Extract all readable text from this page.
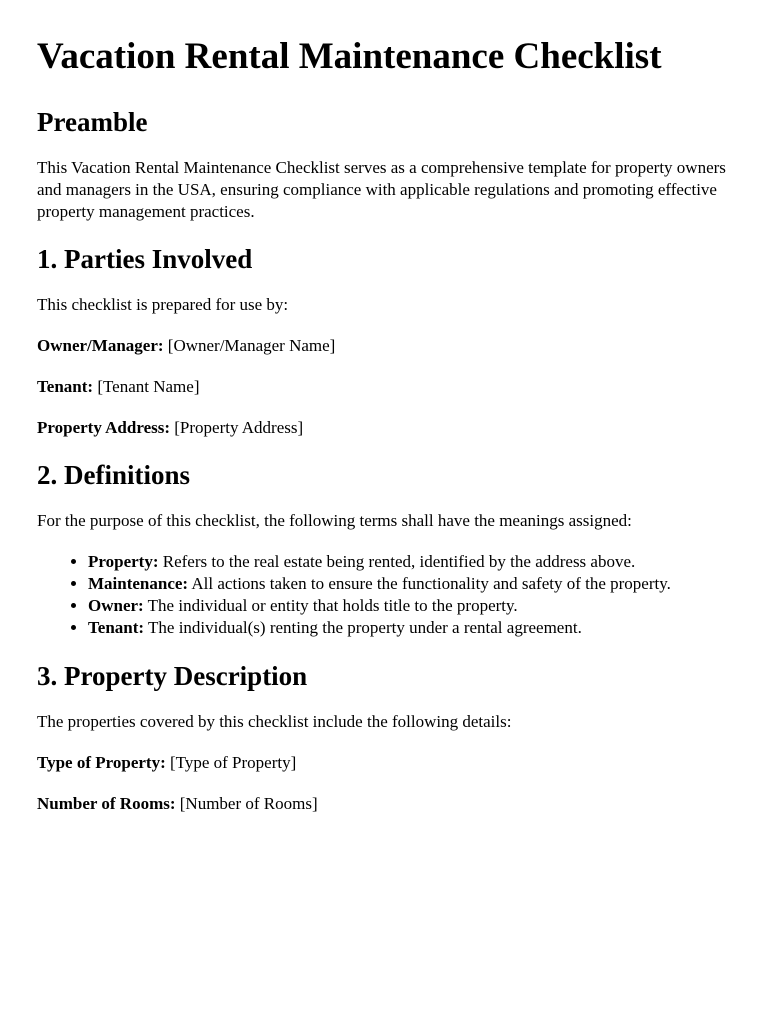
Vacation Rental Maintenance Checklist
Preamble

This Vacation Rental Maintenance Checklist serves as a comprehensive template for property owners and managers in the USA, ensuring compliance with applicable regulations and promoting effective property management practices.

1. Parties Involved

This checklist is prepared for use by:

Owner/Manager: [Owner/Manager Name]

Tenant: [Tenant Name]

Property Address: [Property Address]

2. Definitions

For the purpose of this checklist, the following terms shall have the meanings assigned:

• Property: Refers to the real estate being rented, identified by the address above.
• Maintenance: All actions taken to ensure the functionality and safety of the property.
• Owner: The individual or entity that holds title to the property.
• Tenant: The individual(s) renting the property under a rental agreement.
3. Property Description

The properties covered by this checklist include the following details:

Type of Property: [Type of Property]

Number of Rooms: [Number of Rooms]
